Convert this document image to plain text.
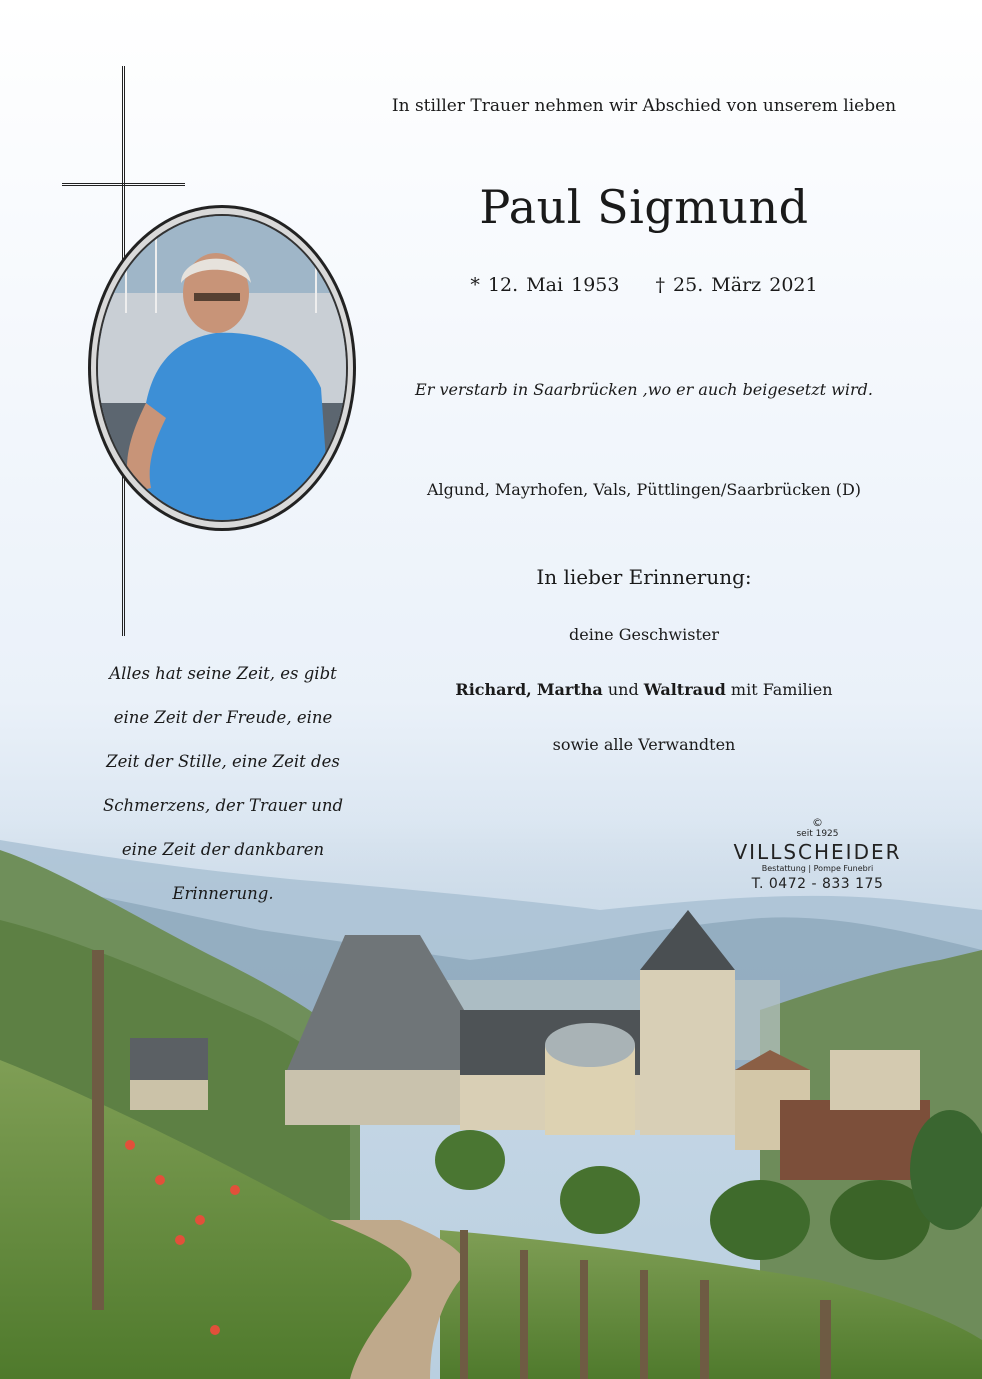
In stiller Trauer nehmen wir Abschied von unserem lieben
Paul Sigmund
* 12. Mai 1953 † 25. März 2021
Er verstarb in Saarbrücken ,wo er auch beigesetzt wird.
Algund, Mayrhofen, Vals, Püttlingen/Saarbrücken (D)
In lieber Erinnerung:
deine Geschwister
Richard, Martha und Waltraud mit Familien
sowie alle Verwandten
Alles hat seine Zeit, es gibt
eine Zeit der Freude, eine
Zeit der Stille, eine Zeit des
Schmerzens, der Trauer und
eine Zeit der dankbaren
Erinnerung.
©
seit 1925
VILLSCHEIDER
Bestattung | Pompe Funebri
T. 0472 - 833 175
